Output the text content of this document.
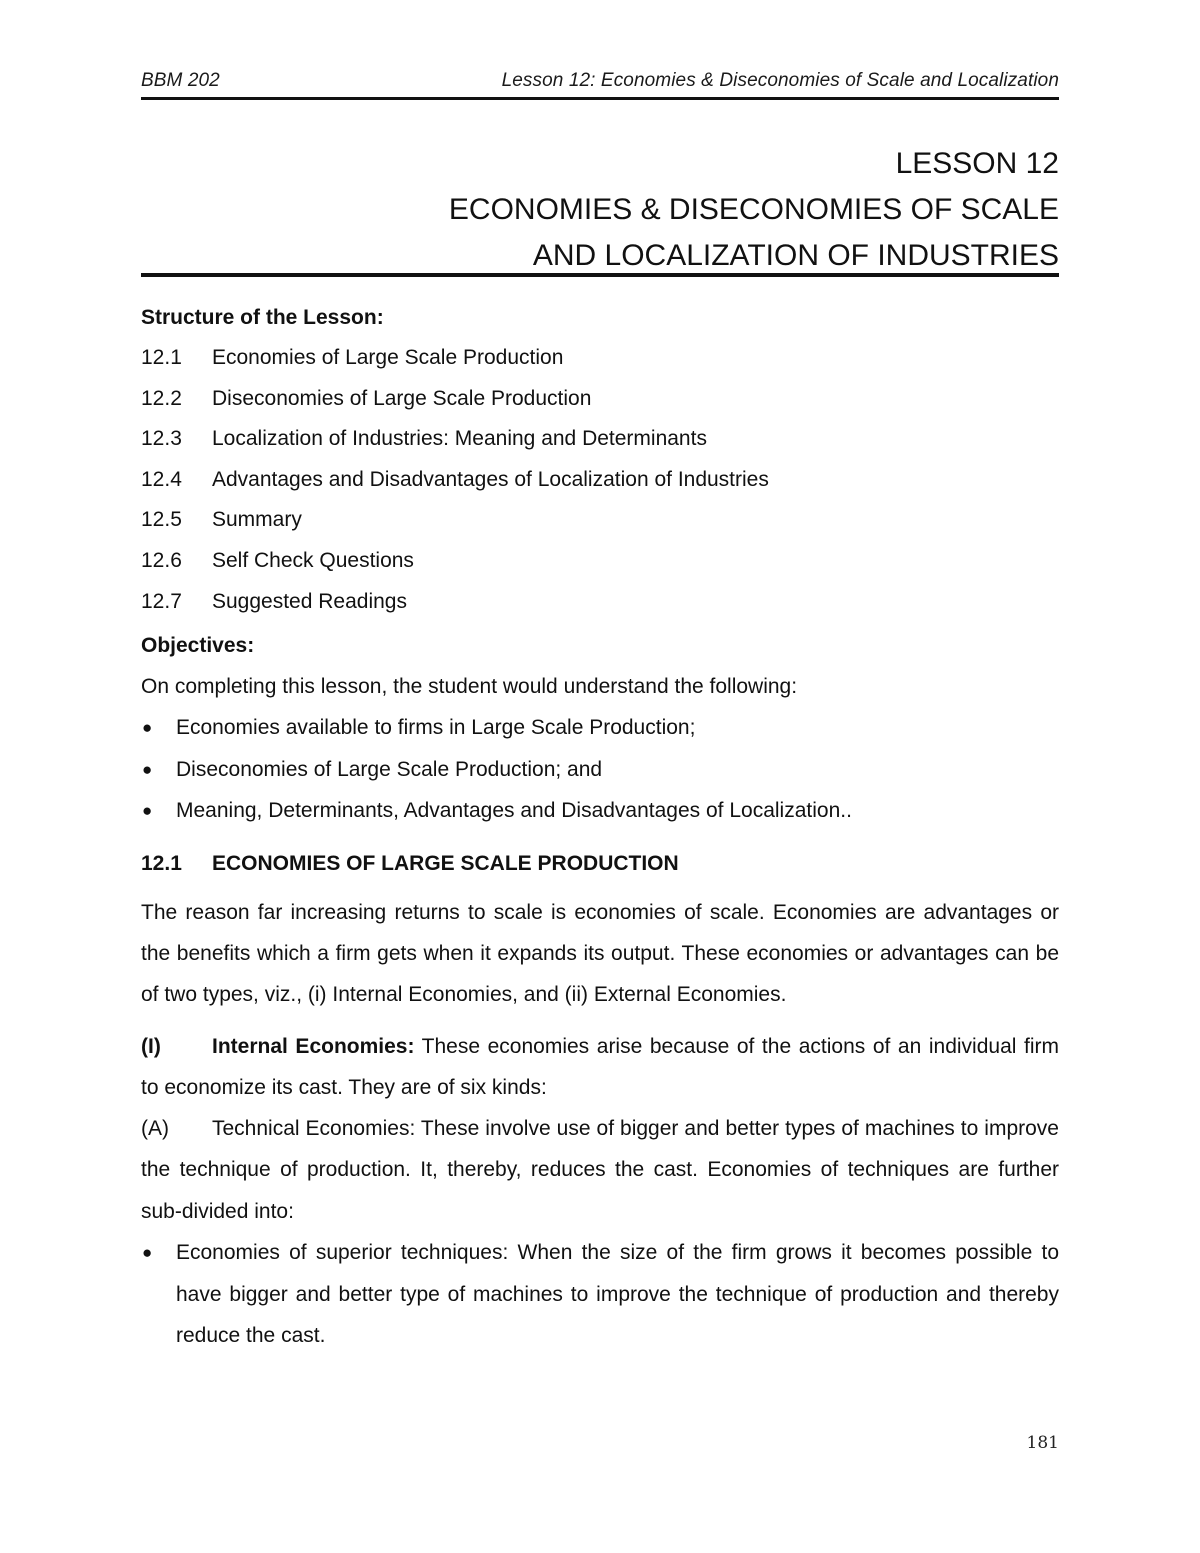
BBM 202	Lesson 12: Economies & Diseconomies of Scale and Localization
LESSON 12
ECONOMIES & DISECONOMIES OF SCALE
AND LOCALIZATION OF INDUSTRIES
Structure of the Lesson:
12.1 Economies of Large Scale Production
12.2 Diseconomies of Large Scale Production
12.3 Localization of Industries: Meaning and Determinants
12.4 Advantages and Disadvantages of Localization of Industries
12.5 Summary
12.6 Self Check Questions
12.7 Suggested Readings
Objectives:
On completing this lesson, the student would understand the following:
● Economies available to firms in Large Scale Production;
● Diseconomies of Large Scale Production; and
● Meaning, Determinants, Advantages and Disadvantages of Localization..
12.1 ECONOMIES OF LARGE SCALE PRODUCTION
The reason far increasing returns to scale is economies of scale. Economies are advantages or the benefits which a firm gets when it expands its output. These economies or advantages can be of two types, viz., (i) Internal Economies, and (ii) External Economies.
(I) Internal Economies: These economies arise because of the actions of an individual firm to economize its cast. They are of six kinds:
(A) Technical Economies: These involve use of bigger and better types of machines to improve the technique of production. It, thereby, reduces the cast. Economies of techniques are further sub-divided into:
● Economies of superior techniques: When the size of the firm grows it becomes possible to have bigger and better type of machines to improve the technique of production and thereby reduce the cast.
181
